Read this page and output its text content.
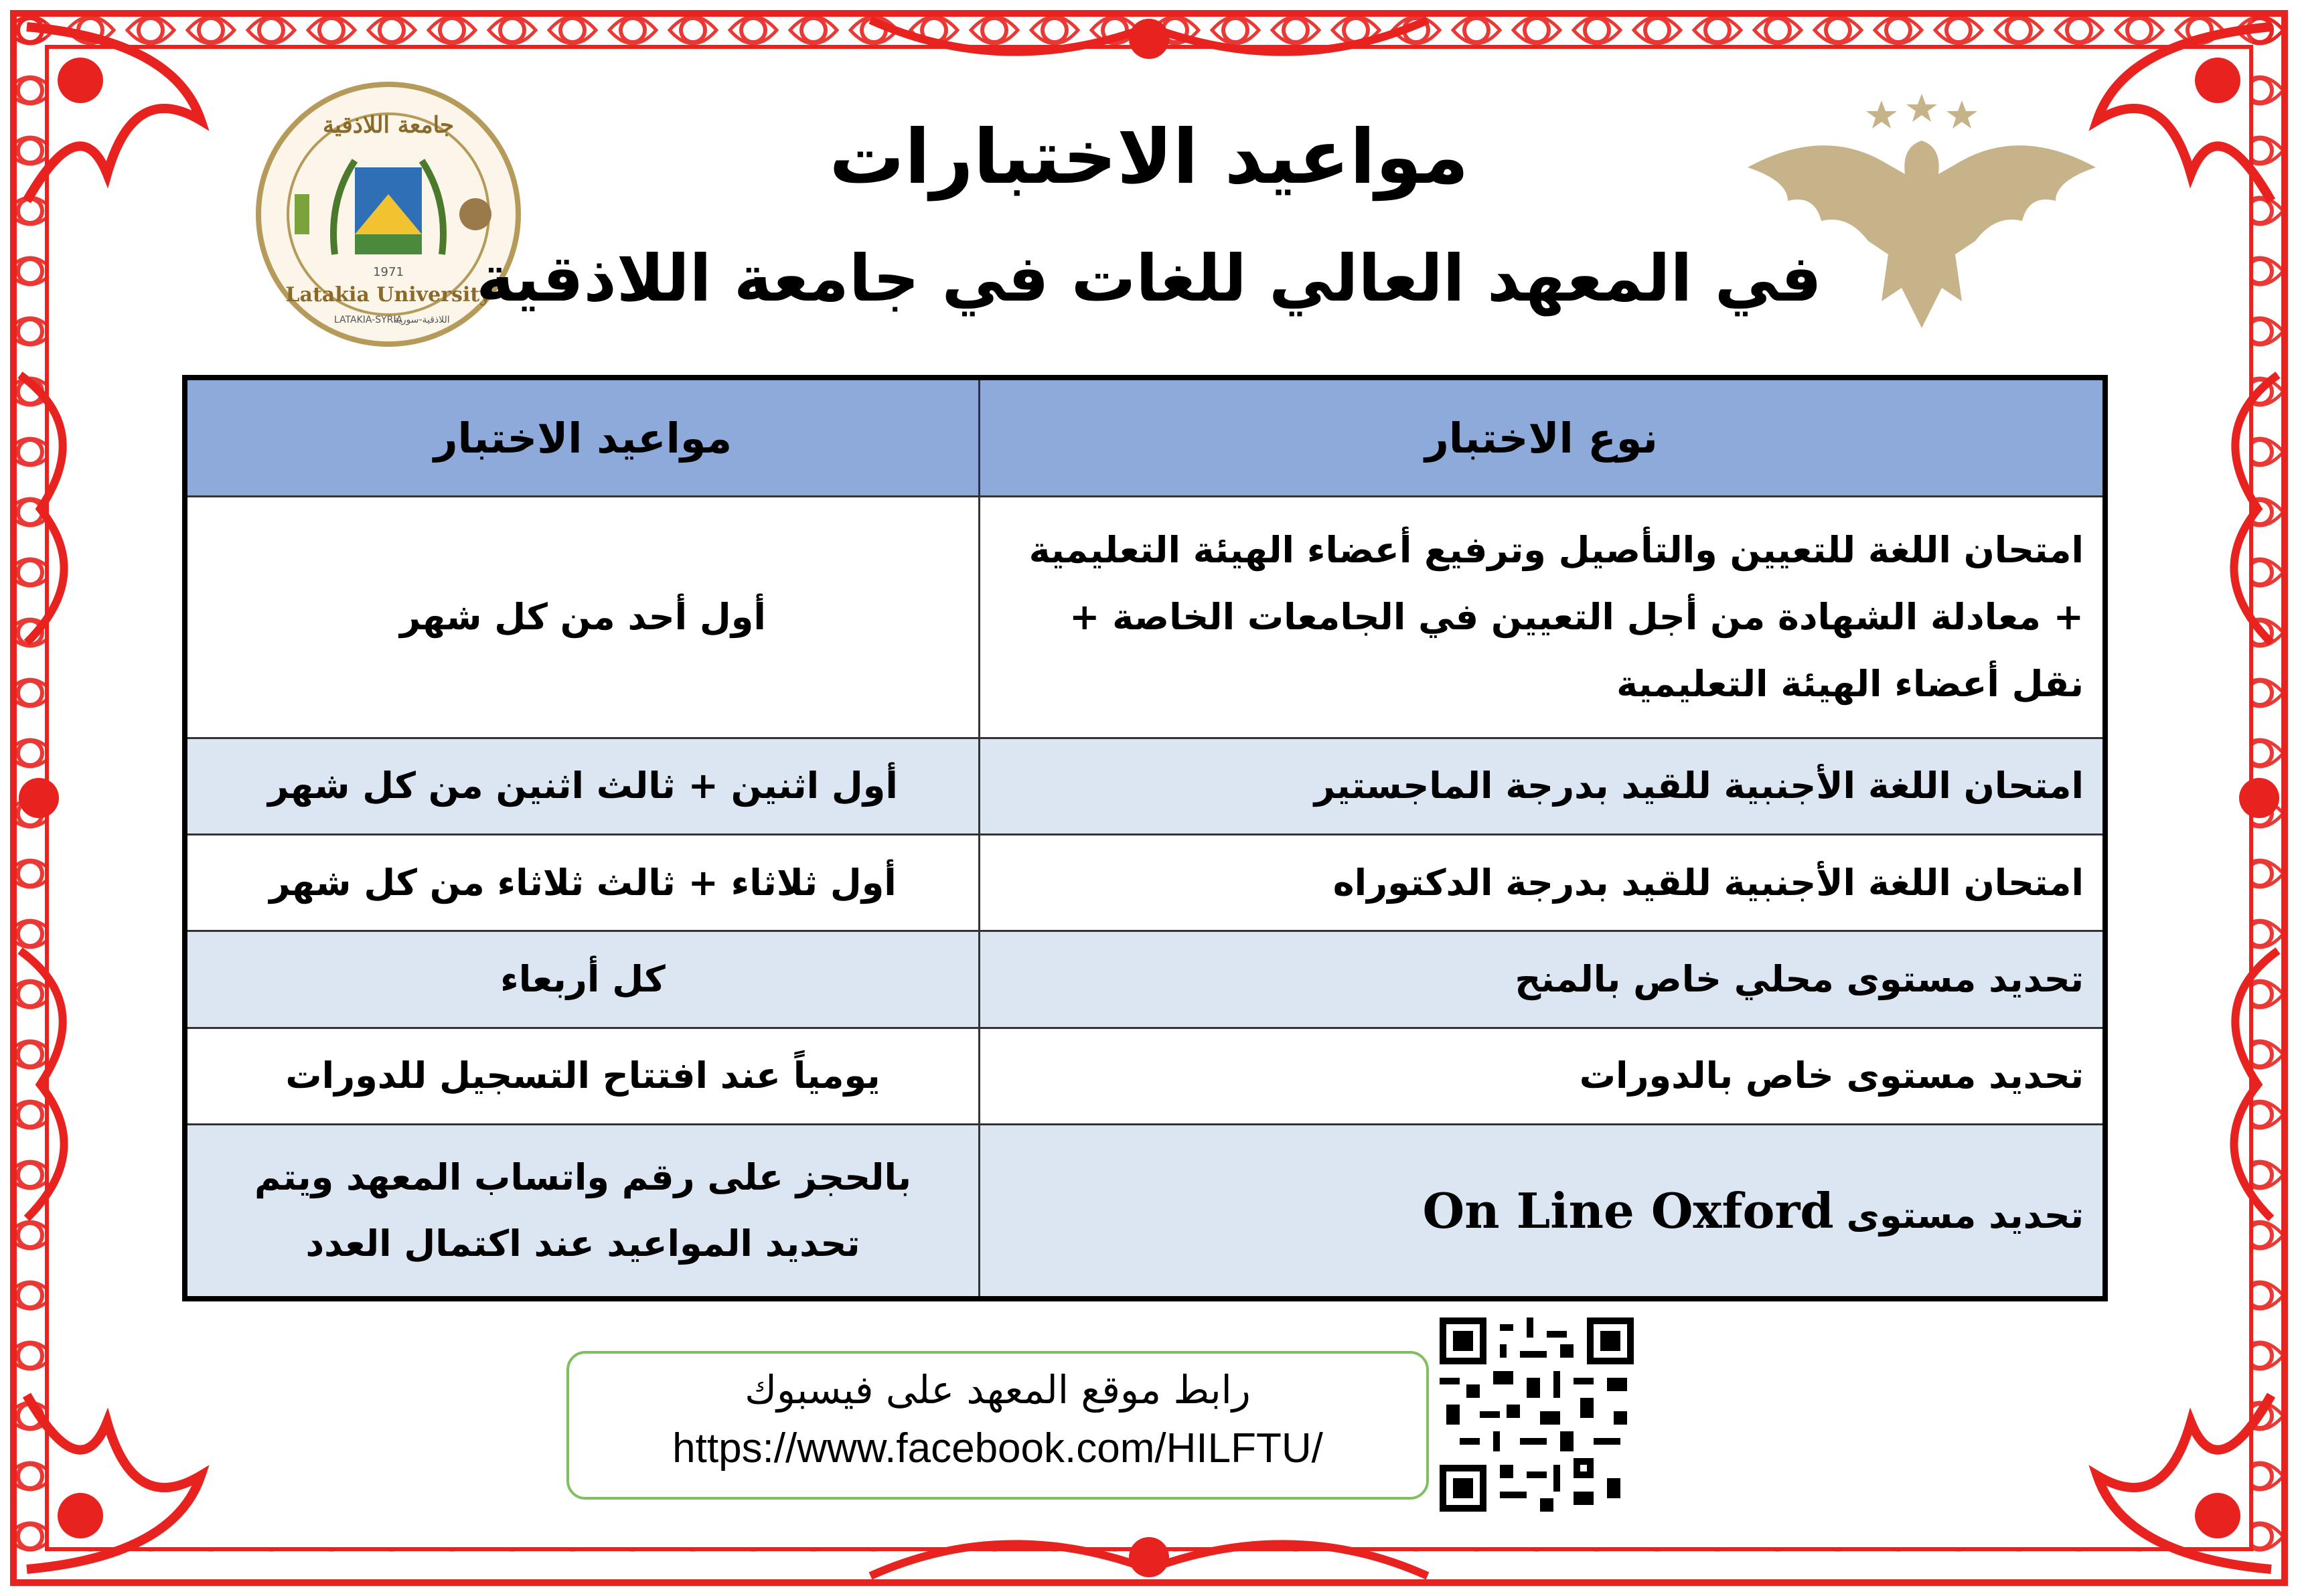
جامعة اللاذقية
Latakia University
1971
LATAKIA-SYRIA
اللاذقية-سورية
مواعيد الاختبارات
في المعهد العالي للغات في جامعة اللاذقية
نوع الاختبار	مواعيد الاختبار
امتحان اللغة للتعيين والتأصيل وترفيع أعضاء الهيئة التعليمية + معادلة الشهادة من أجل التعيين في الجامعات الخاصة + نقل أعضاء الهيئة التعليمية	أول أحد من كل شهر
امتحان اللغة الأجنبية للقيد بدرجة الماجستير	أول اثنين + ثالث اثنين من كل شهر
امتحان اللغة الأجنبية للقيد بدرجة الدكتوراه	أول ثلاثاء + ثالث ثلاثاء من كل شهر
تحديد مستوى محلي خاص بالمنح	كل أربعاء
تحديد مستوى خاص بالدورات	يومياً عند افتتاح التسجيل للدورات
تحديد مستوى On Line Oxford	بالحجز على رقم واتساب المعهد ويتم تحديد المواعيد عند اكتمال العدد
رابط موقع المعهد على فيسبوك
https://www.facebook.com/HILFTU/
